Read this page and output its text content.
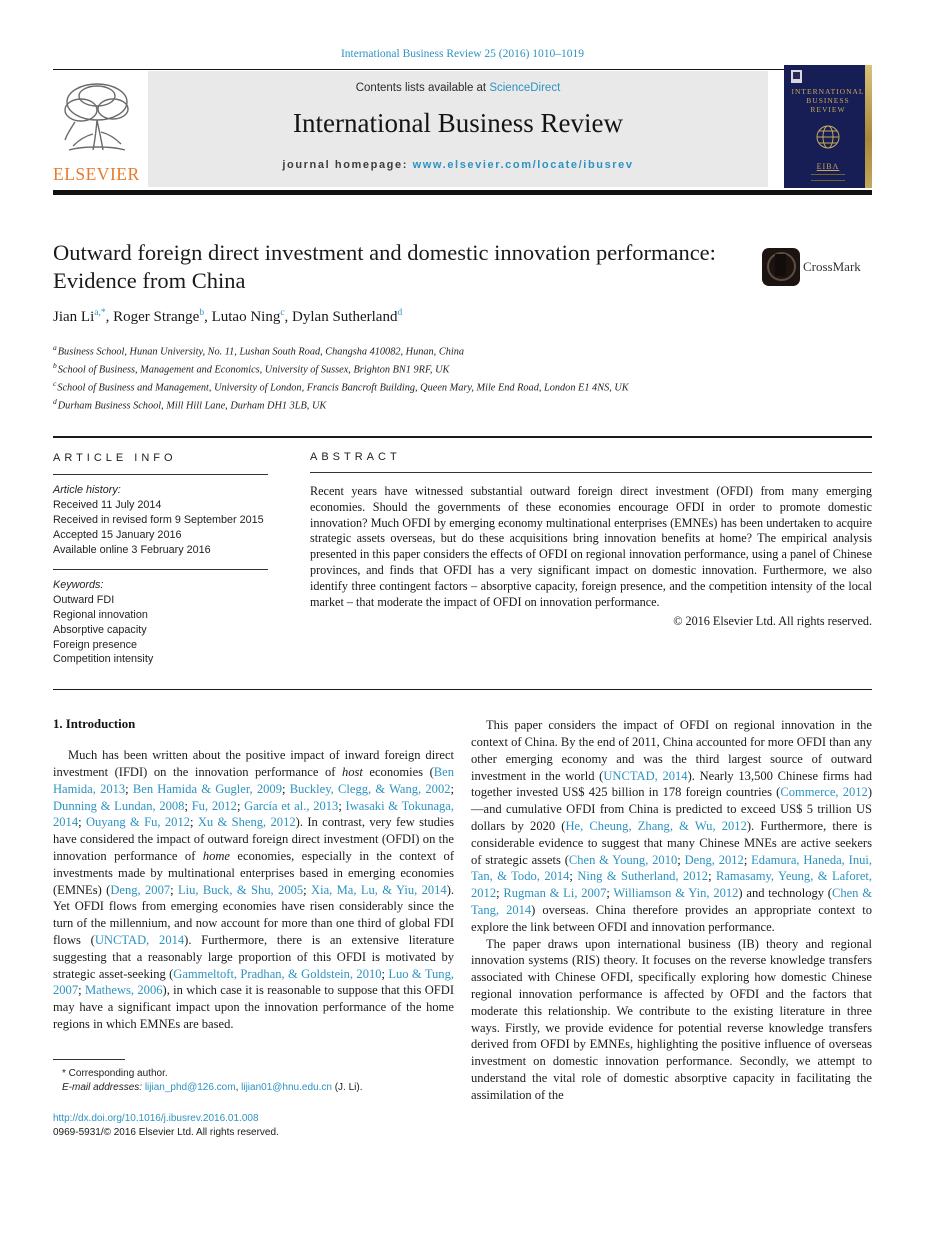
International Business Review 25 (2016) 1010–1019
ELSEVIER
Contents lists available at ScienceDirect
International Business Review
journal homepage: www.elsevier.com/locate/ibusrev
INTERNATIONAL
BUSINESS
REVIEW
EIBA
Outward foreign direct investment and domestic innovation performance: Evidence from China
CrossMark
Jian $Li^{a,*}$, Roger Strange$^b$, Lutao Ning$^c$, Dylan Sutherland$^d$
$^a$Business School, Hunan University, No. 11, Lushan South Road, Changsha 410082, Hunan, China
$^b$School of Business, Management and Economics, University of Sussex, Brighton BN1 9RF, UK
$^c$School of Business and Management, University of London, Francis Bancroft Building, Queen Mary, Mile End Road, London E1 4NS, UK
$^d$Durham Business School, Mill Hill Lane, Durham DH1 3LB, UK
ARTICLE INFO
Article history:
Received 11 July 2014
Received in revised form 9 September 2015
Accepted 15 January 2016
Available online 3 February 2016
Keywords:
Outward FDI
Regional innovation
Absorptive capacity
Foreign presence
Competition intensity
ABSTRACT
Recent years have witnessed substantial outward foreign direct investment (OFDI) from many emerging economies. Should the governments of these economies encourage OFDI in order to promote domestic innovation? Much OFDI by emerging economy multinational enterprises (EMNEs) has been undertaken to acquire strategic assets overseas, but do these acquisitions bring innovation benefits at home? The empirical analysis presented in this paper considers the effects of OFDI on regional innovation performance, using a panel of Chinese provinces, and finds that OFDI has a very significant impact on domestic innovation. Furthermore, we also identify three contingent factors – absorptive capacity, foreign presence, and the competition intensity of the local market – that moderate the impact of OFDI on innovation performance.
© 2016 Elsevier Ltd. All rights reserved.
1. Introduction

Much has been written about the positive impact of inward foreign direct investment (IFDI) on the innovation performance of host economies (Ben Hamida, 2013; Ben Hamida & Gugler, 2009; Buckley, Clegg, & Wang, 2002; Dunning & Lundan, 2008; Fu, 2012; García et al., 2013; Iwasaki & Tokunaga, 2014; Ouyang & Fu, 2012; Xu & Sheng, 2012). In contrast, very few studies have considered the impact of outward foreign direct investment (OFDI) on the innovation performance of home economies, especially in the context of investments made by multinational enterprises based in emerging economies (EMNEs) (Deng, 2007; Liu, Buck, & Shu, 2005; Xia, Ma, Lu, & Yiu, 2014). Yet OFDI flows from emerging economies have risen considerably since the turn of the millennium, and now account for more than one third of global FDI flows (UNCTAD, 2014). Furthermore, there is an extensive literature suggesting that a reasonably large proportion of this OFDI is motivated by strategic asset-seeking (Gammeltoft, Pradhan, & Goldstein, 2010; Luo & Tung, 2007; Mathews, 2006), in which case it is reasonable to suppose that this OFDI may have a significant impact upon the innovation performance of the home regions in which EMNEs are based.

* Corresponding author.
E-mail addresses: lijian_phd@126.com, lijian01@hnu.edu.cn (J. Li).
http://dx.doi.org/10.1016/j.ibusrev.2016.01.008
0969-5931/© 2016 Elsevier Ltd. All rights reserved.

This paper considers the impact of OFDI on regional innovation in the context of China. By the end of 2011, China accounted for more OFDI than any other emerging economy and was the third largest source of outward investment in the world (UNCTAD, 2014). Nearly 13,500 Chinese firms had together invested US$ 425 billion in 178 foreign countries (Commerce, 2012)—and cumulative OFDI from China is predicted to exceed US$ 5 trillion US dollars by 2020 (He, Cheung, Zhang, & Wu, 2012). Furthermore, there is considerable evidence to suggest that many Chinese MNEs are active seekers of strategic assets (Chen & Young, 2010; Deng, 2012; Edamura, Haneda, Inui, Tan, & Todo, 2014; Ning & Sutherland, 2012; Ramasamy, Yeung, & Laforet, 2012; Rugman & Li, 2007; Williamson & Yin, 2012) and technology (Chen & Tang, 2014) overseas. China therefore provides an appropriate context to explore the link between OFDI and innovation performance.

The paper draws upon international business (IB) theory and regional innovation systems (RIS) theory. It focuses on the reverse knowledge transfers associated with Chinese OFDI, specifically exploring how domestic Chinese regional innovation performance is affected by OFDI and the factors that moderate this relationship. We contribute to the existing literature in three ways. Firstly, we provide evidence for potential reverse knowledge transfers derived from OFDI by EMNEs, highlighting the positive influence of overseas investment on domestic innovation performance. Secondly, we attempt to understand the vital role of domestic absorptive capacity in facilitating the assimilation of the
